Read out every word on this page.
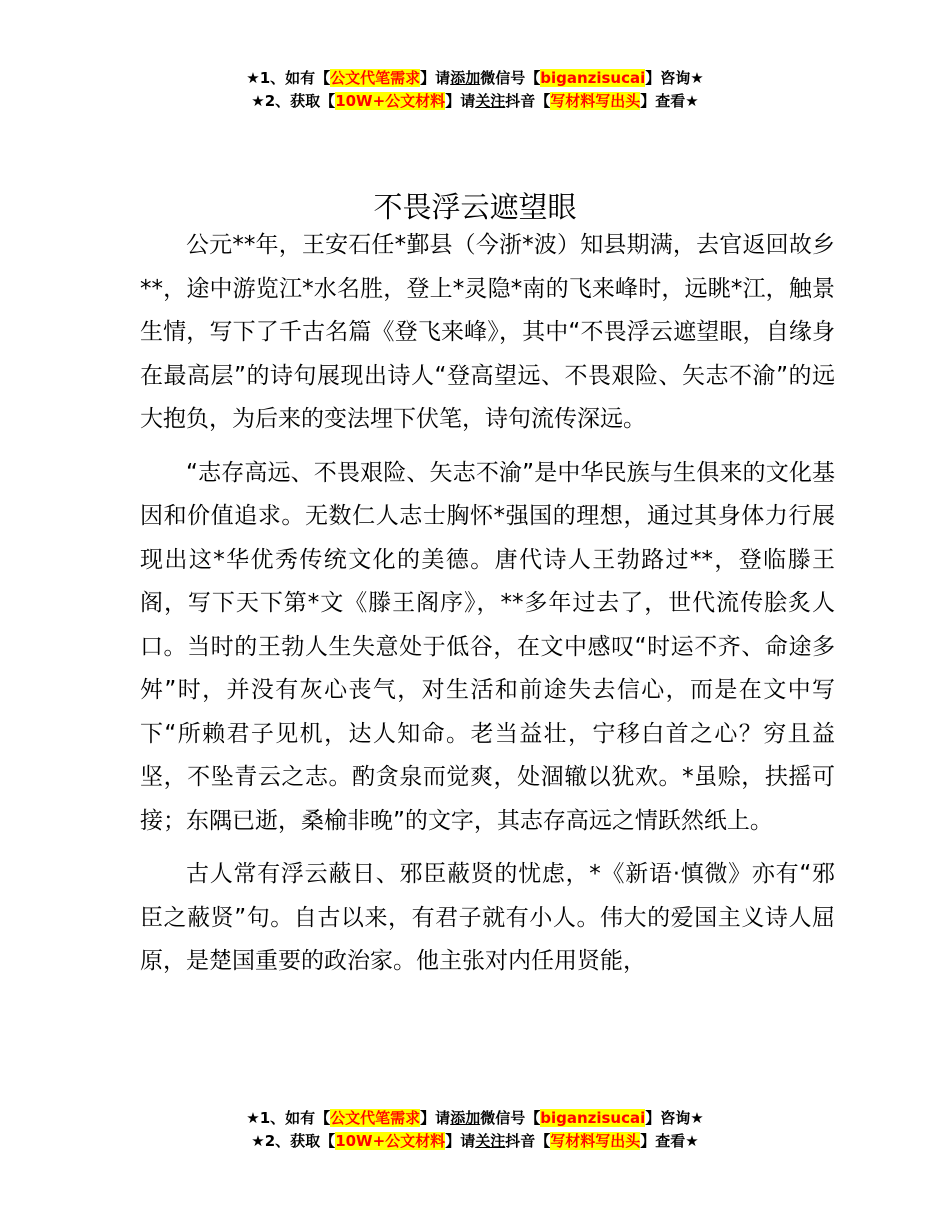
★1、如有【公文代笔需求】请添加微信号【biganzisucai】咨询★
★2、获取【10W+公文材料】请关注抖音【写材料写出头】查看★
不畏浮云遮望眼

公元**年，王安石任*鄞县（今浙*波）知县期满，去官返回故乡**，途中游览江*水名胜，登上*灵隐*南的飞来峰时，远眺*江，触景生情，写下了千古名篇《登飞来峰》，其中“不畏浮云遮望眼，自缘身在最高层”的诗句展现出诗人“登高望远、不畏艰险、矢志不渝”的远大抱负，为后来的变法埋下伏笔，诗句流传深远。

“志存高远、不畏艰险、矢志不渝”是中华民族与生俱来的文化基因和价值追求。无数仁人志士胸怀*强国的理想，通过其身体力行展现出这*华优秀传统文化的美德。唐代诗人王勃路过**，登临滕王阁，写下天下第*文《滕王阁序》，**多年过去了，世代流传脍炙人口。当时的王勃人生失意处于低谷，在文中感叹“时运不齐、命途多舛”时，并没有灰心丧气，对生活和前途失去信心，而是在文中写下“所赖君子见机，达人知命。老当益壮，宁移白首之心？穷且益坚，不坠青云之志。酌贪泉而觉爽，处涸辙以犹欢。*虽赊，扶摇可接；东隅已逝，桑榆非晚”的文字，其志存高远之情跃然纸上。

古人常有浮云蔽日、邪臣蔽贤的忧虑，*《新语·慎微》亦有“邪臣之蔽贤”句。自古以来，有君子就有小人。伟大的爱国主义诗人屈原，是楚国重要的政治家。他主张对内任用贤能，

★1、如有【公文代笔需求】请添加微信号【biganzisucai】咨询★
★2、获取【10W+公文材料】请关注抖音【写材料写出头】查看★
